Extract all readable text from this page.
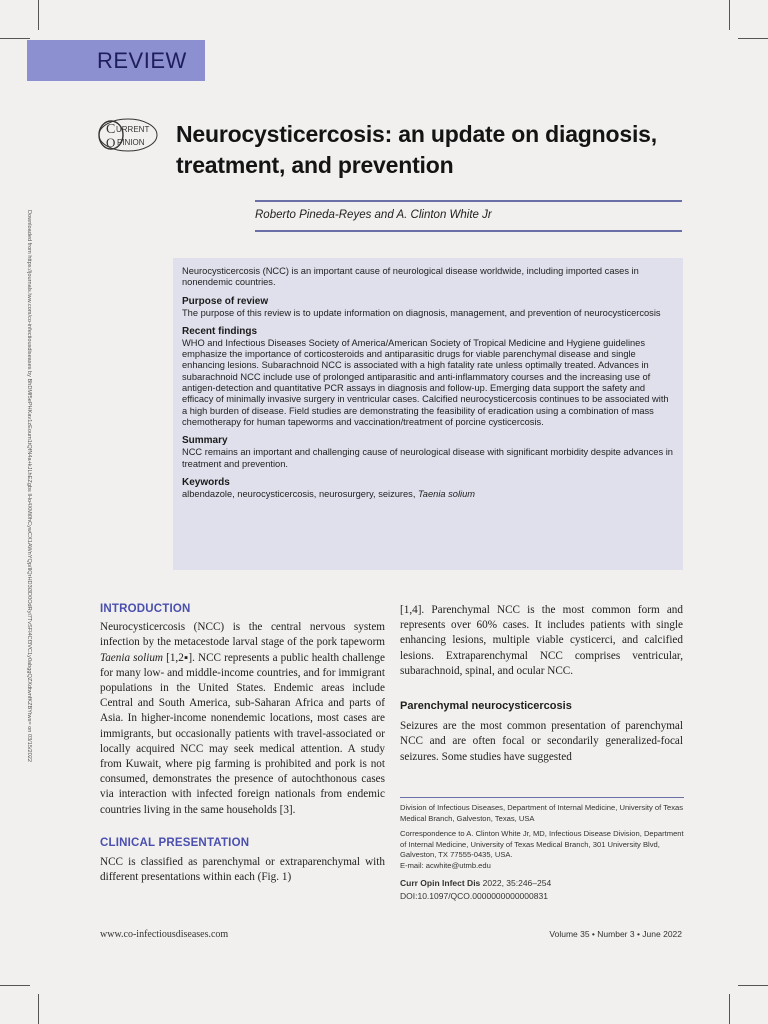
REVIEW
C URRENT
O PINION Neurocysticercosis: an update on diagnosis, treatment, and prevention
Roberto Pineda-Reyes and A. Clinton White Jr
Downloaded from https://journals.lww.com/co-infectiousdiseases by BhDMf5ePHKav1zEoum1tQfN4a+kJLhEZgbs IHo4XMi0hCywCX1AWnYQp/IlQrHD3i3D0OdRyi7TvSFl4Cf3VC1y0abggQZXdtwnfKZBYtws= on 03/15/2022	Neurocysticercosis (NCC) is an important cause of neurological disease worldwide, including imported cases in nonendemic countries.

Purpose of review

The purpose of this review is to update information on diagnosis, management, and prevention of neurocysticercosis

Recent findings

WHO and Infectious Diseases Society of America/American Society of Tropical Medicine and Hygiene guidelines emphasize the importance of corticosteroids and antiparasitic drugs for viable parenchymal disease and single enhancing lesions. Subarachnoid NCC is associated with a high fatality rate unless optimally treated. Advances in subarachnoid NCC include use of prolonged antiparasitic and anti-inflammatory courses and the increasing use of antigen-detection and quantitative PCR assays in diagnosis and follow-up. Emerging data support the safety and efficacy of minimally invasive surgery in ventricular cases. Calcified neurocysticercosis continues to be associated with a high burden of disease. Field studies are demonstrating the feasibility of eradication using a combination of mass chemotherapy for human tapeworms and vaccination/treatment of porcine cysticercosis.

Summary

NCC remains an important and challenging cause of neurological disease with significant morbidity despite advances in treatment and prevention.

Keywords

albendazole, neurocysticercosis, neurosurgery, seizures, Taenia solium

INTRODUCTION

Neurocysticercosis (NCC) is the central nervous system infection by the metacestode larval stage of the pork tapeworm Taenia solium [1,2▪]. NCC represents a public health challenge for many low- and middle-income countries, and for immigrant populations in the United States. Endemic areas include Central and South America, sub-Saharan Africa and parts of Asia. In higher-income nonendemic locations, most cases are immigrants, but occasionally patients with travel-associated or locally acquired NCC may seek medical attention. A study from Kuwait, where pig farming is prohibited and pork is not consumed, demonstrates the presence of autochthonous cases via interaction with infected foreign nationals from endemic countries living in the same households [3].

CLINICAL PRESENTATION

NCC is classified as parenchymal or extraparenchymal with different presentations within each (Fig. 1)

[1,4]. Parenchymal NCC is the most common form and represents over 60% cases. It includes patients with single enhancing lesions, multiple viable cysticerci, and calcified lesions. Extraparenchymal NCC comprises ventricular, subarachnoid, spinal, and ocular NCC.

Parenchymal neurocysticercosis

Seizures are the most common presentation of parenchymal NCC and are often focal or secondarily generalized-focal seizures. Some studies have suggested

Division of Infectious Diseases, Department of Internal Medicine, University of Texas Medical Branch, Galveston, Texas, USA

Correspondence to A. Clinton White Jr, MD, Infectious Disease Division, Department of Internal Medicine, University of Texas Medical Branch, 301 University Blvd, Galveston, TX 77555-0435, USA.

E-mail: acwhite@utmb.edu

Curr Opin Infect Dis 2022, 35:246–254

DOI:10.1097/QCO.0000000000000831

www.co-infectiousdiseases.com	Volume 35 • Number 3 • June 2022
